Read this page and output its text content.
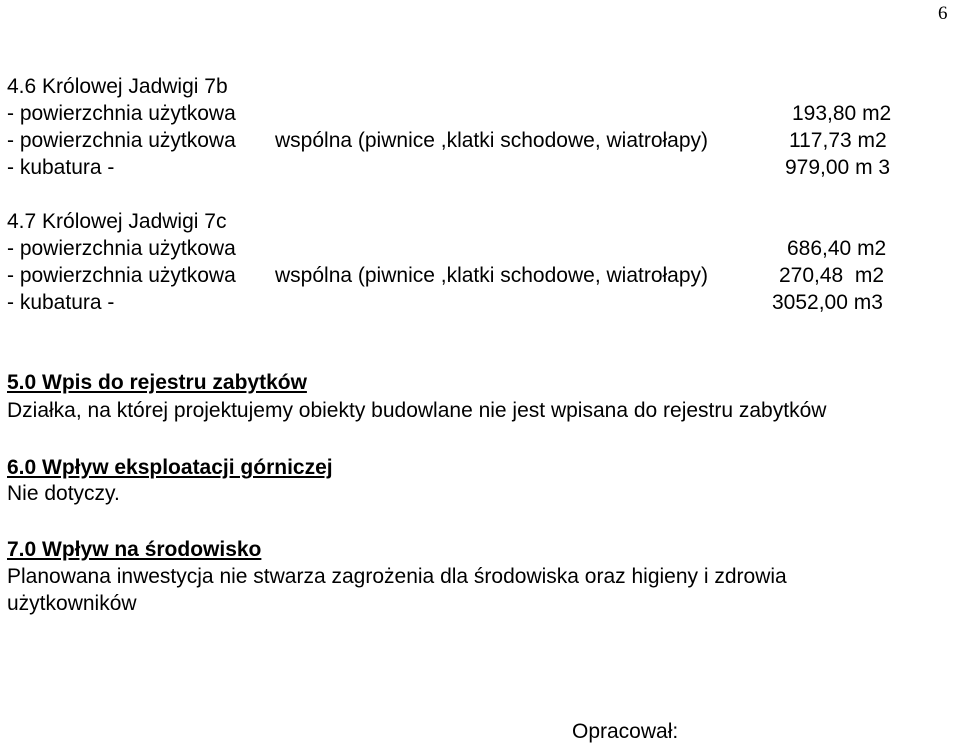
6
4.6 Królowej Jadwigi 7b
- powierzchnia użytkowa	193,80 m2
- powierzchnia użytkowa wspólna (piwnice ,klatki schodowe, wiatrołapy)	117,73 m2
- kubatura -	979,00 m 3
4.7 Królowej Jadwigi 7c
- powierzchnia użytkowa	686,40 m2
- powierzchnia użytkowa wspólna (piwnice ,klatki schodowe, wiatrołapy)	270,48  m2
- kubatura -	3052,00 m3
5.0 Wpis do rejestru zabytków
Działka, na której projektujemy obiekty budowlane nie jest wpisana do rejestru zabytków
6.0 Wpływ eksploatacji górniczej
Nie dotyczy.
7.0 Wpływ na środowisko
Planowana inwestycja nie stwarza zagrożenia dla środowiska oraz higieny i zdrowia
użytkowników
Opracował:
